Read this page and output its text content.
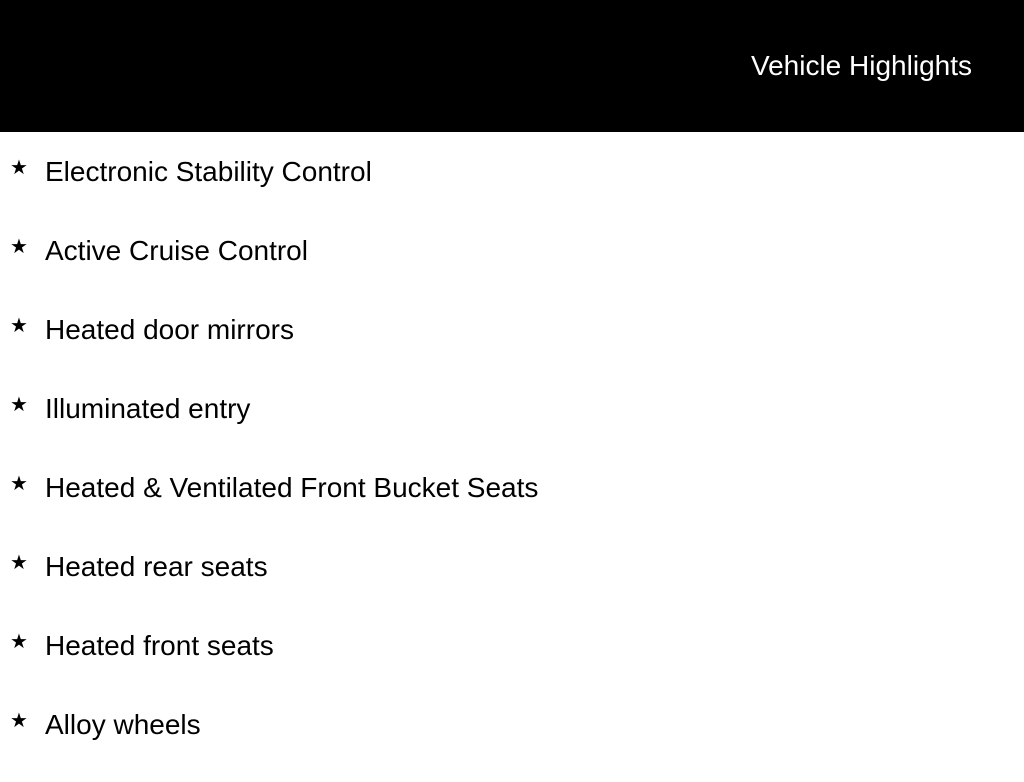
Vehicle Highlights
★ Electronic Stability Control
★ Active Cruise Control
★ Heated door mirrors
★ Illuminated entry
★ Heated & Ventilated Front Bucket Seats
★ Heated rear seats
★ Heated front seats
★ Alloy wheels
